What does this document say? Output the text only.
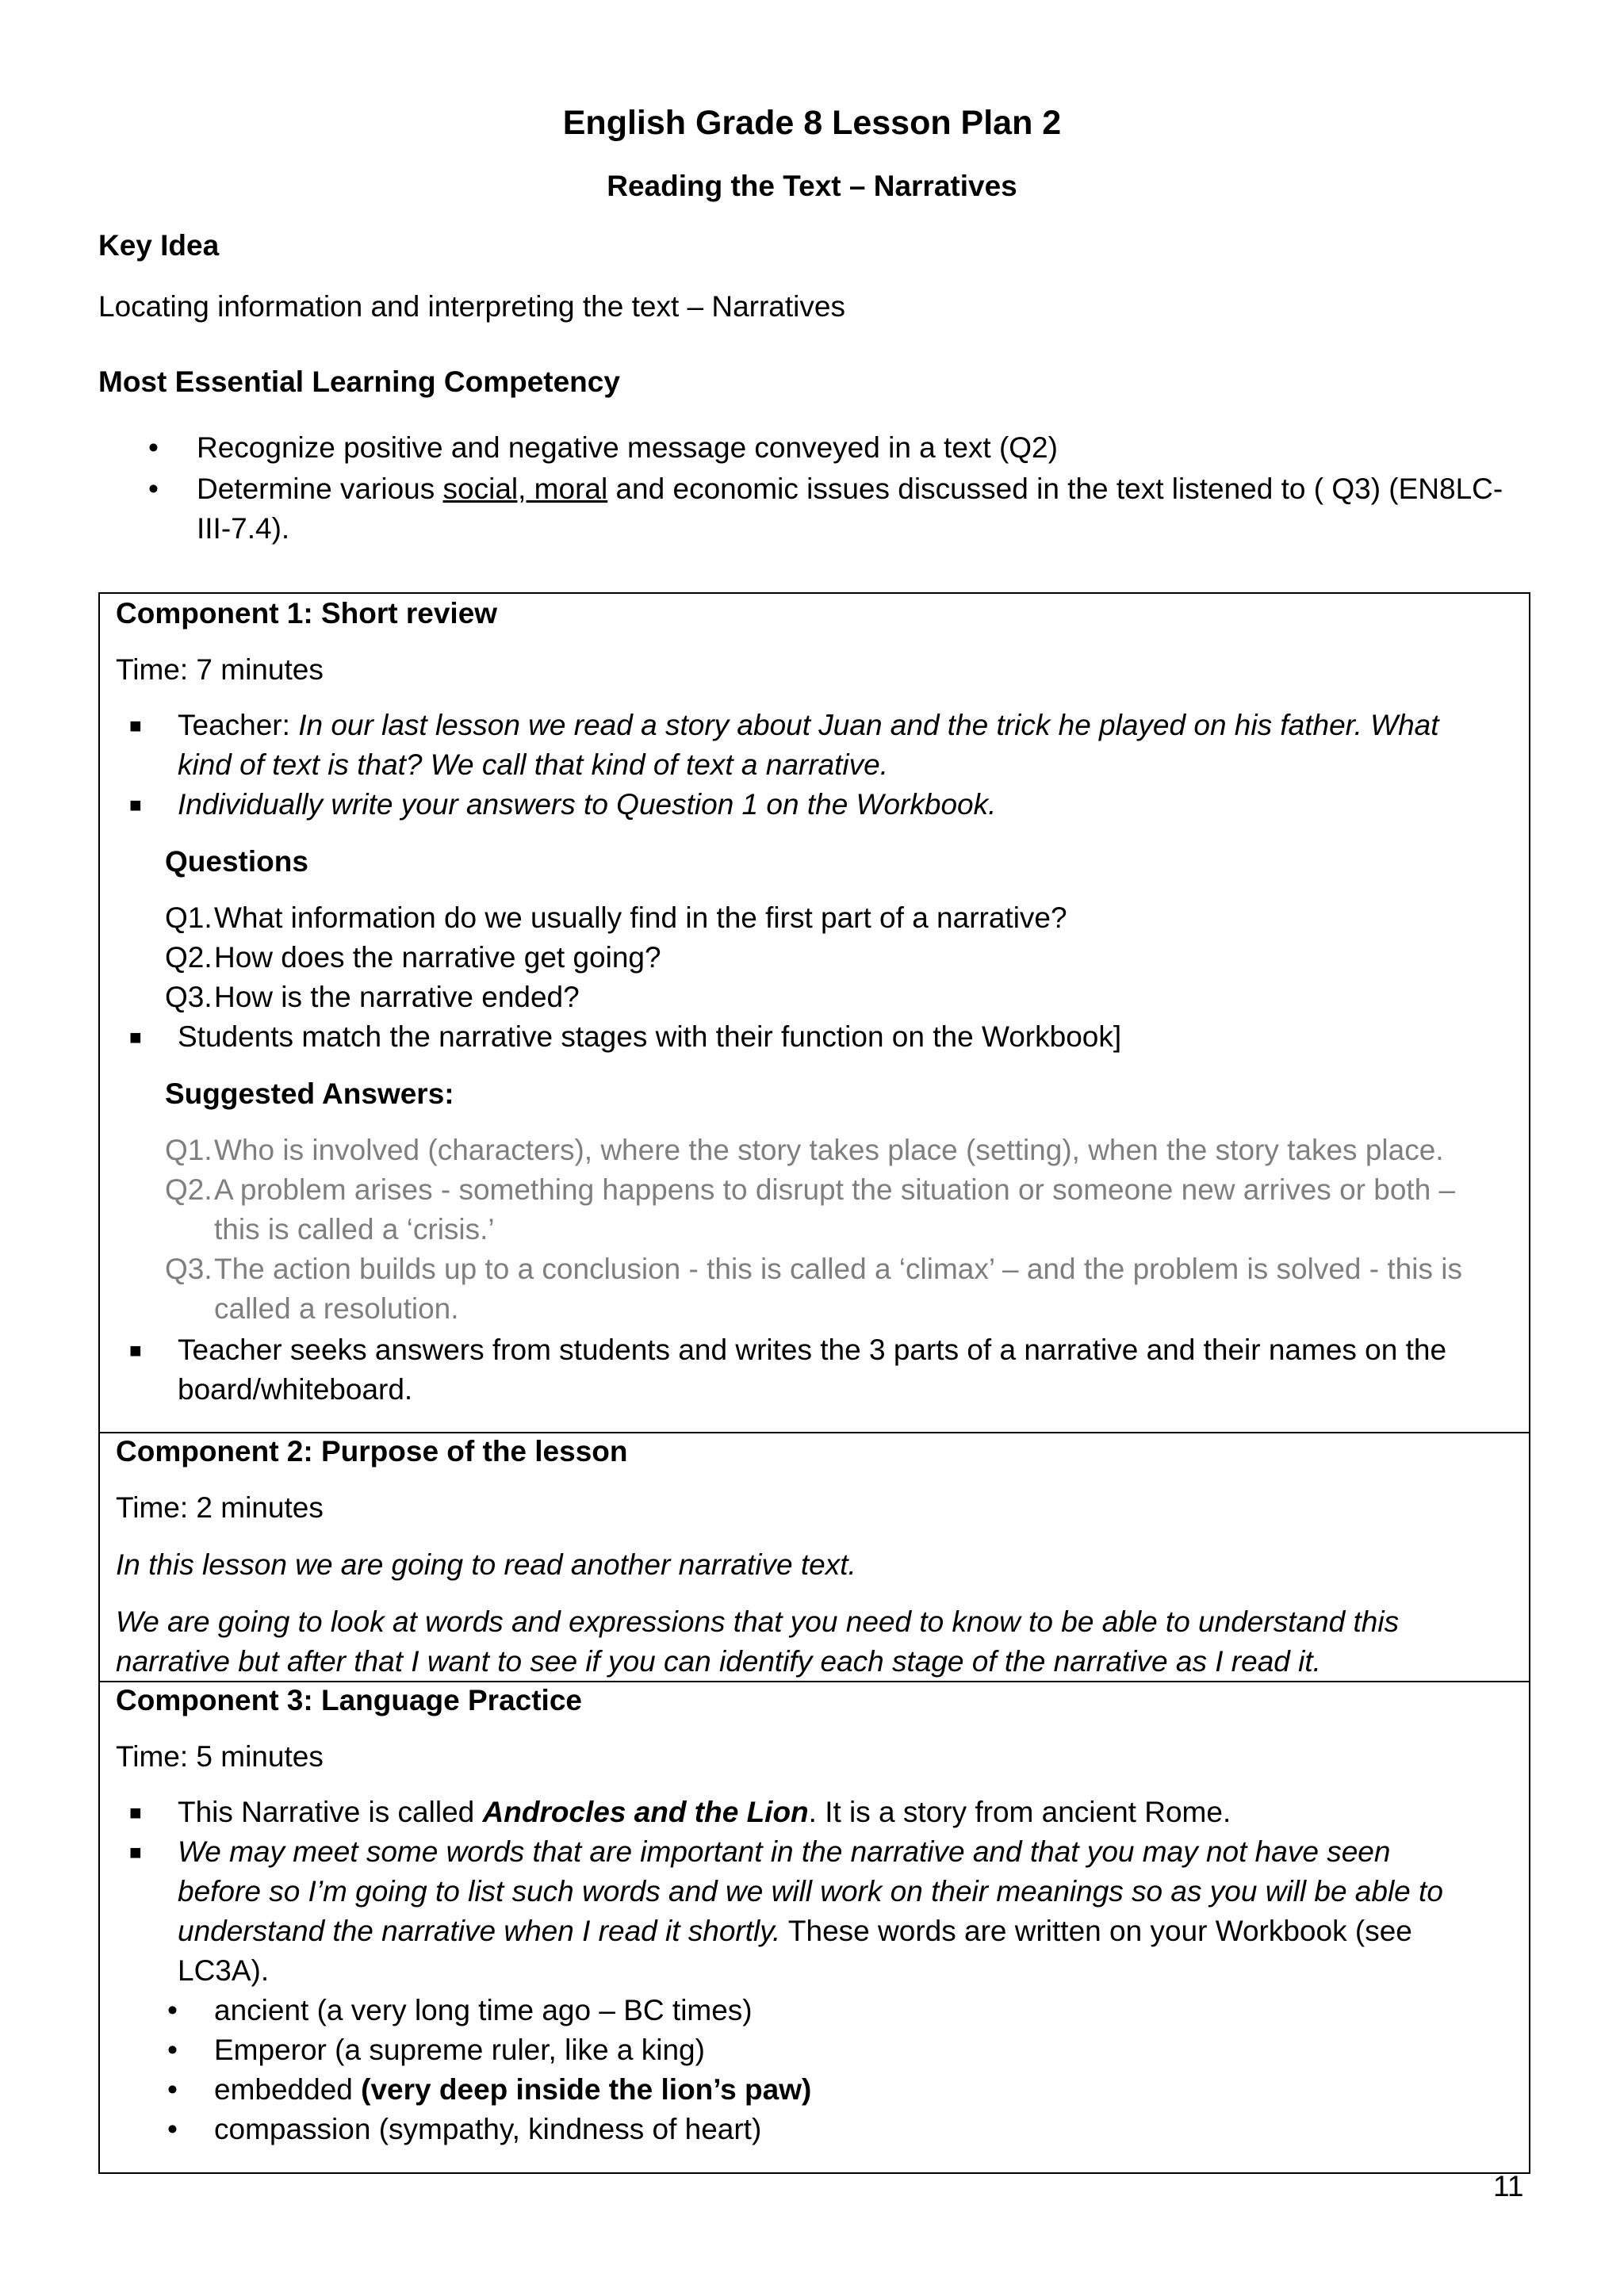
English Grade 8 Lesson Plan 2
Reading the Text – Narratives
Key Idea
Locating information and interpreting the text – Narratives
Most Essential Learning Competency
• Recognize positive and negative message conveyed in a text (Q2)
• Determine various social, moral and economic issues discussed in the text listened to ( Q3) (EN8LC-
III-7.4).
Component 1: Short review
Time: 7 minutes
■ Teacher: In our last lesson we read a story about Juan and the trick he played on his father. What
kind of text is that? We call that kind of text a narrative.
■ Individually write your answers to Question 1 on the Workbook.
Questions
Q1.What information do we usually find in the first part of a narrative?
Q2.How does the narrative get going?
Q3.How is the narrative ended?
■ Students match the narrative stages with their function on the Workbook]
Suggested Answers:
Q1.Who is involved (characters), where the story takes place (setting), when the story takes place.
Q2.A problem arises - something happens to disrupt the situation or someone new arrives or both –
this is called a ‘crisis.’
Q3.The action builds up to a conclusion - this is called a ‘climax’ – and the problem is solved - this is
called a resolution.
■ Teacher seeks answers from students and writes the 3 parts of a narrative and their names on the
board/whiteboard.
Component 2: Purpose of the lesson
Time: 2 minutes
In this lesson we are going to read another narrative text.
We are going to look at words and expressions that you need to know to be able to understand this
narrative but after that I want to see if you can identify each stage of the narrative as I read it.
Component 3: Language Practice
Time: 5 minutes
■ This Narrative is called Androcles and the Lion. It is a story from ancient Rome.
■ We may meet some words that are important in the narrative and that you may not have seen
before so I’m going to list such words and we will work on their meanings so as you will be able to
understand the narrative when I read it shortly. These words are written on your Workbook (see
LC3A).
• ancient (a very long time ago – BC times)
• Emperor (a supreme ruler, like a king)
• embedded (very deep inside the lion’s paw)
• compassion (sympathy, kindness of heart)
11
